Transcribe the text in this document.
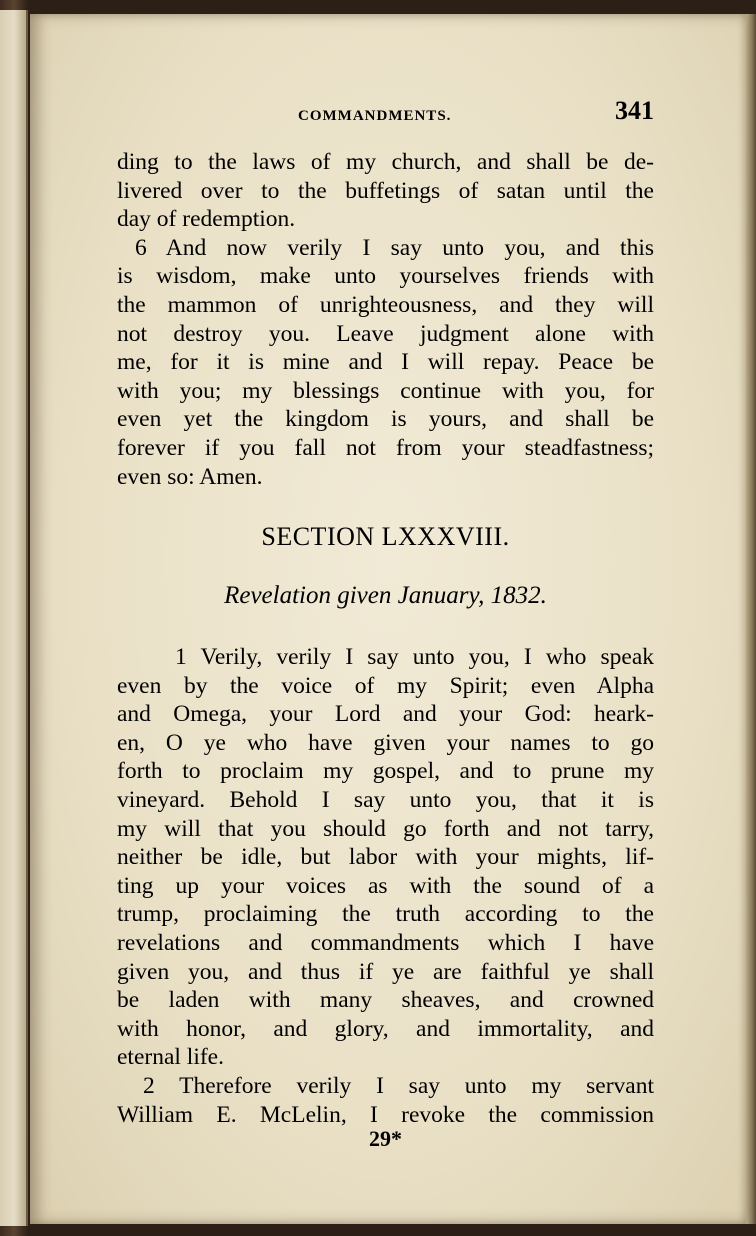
COMMANDMENTS.	341
ding to the laws of my church, and shall be de-
livered over to the buffetings of satan until the
day of redemption.
6 And now verily I say unto you, and this
is wisdom, make unto yourselves friends with
the mammon of unrighteousness, and they will
not destroy you. Leave judgment alone with
me, for it is mine and I will repay. Peace be
with you; my blessings continue with you, for
even yet the kingdom is yours, and shall be
forever if you fall not from your steadfastness;
even so: Amen.
SECTION LXXXVIII.
Revelation given January, 1832.
1 Verily, verily I say unto you, I who speak
even by the voice of my Spirit; even Alpha
and Omega, your Lord and your God: heark-
en, O ye who have given your names to go
forth to proclaim my gospel, and to prune my
vineyard. Behold I say unto you, that it is
my will that you should go forth and not tarry,
neither be idle, but labor with your mights, lif-
ting up your voices as with the sound of a
trump, proclaiming the truth according to the
revelations and commandments which I have
given you, and thus if ye are faithful ye shall
be laden with many sheaves, and crowned
with honor, and glory, and immortality, and
eternal life.
2 Therefore verily I say unto my servant
William E. McLelin, I revoke the commission
29*
